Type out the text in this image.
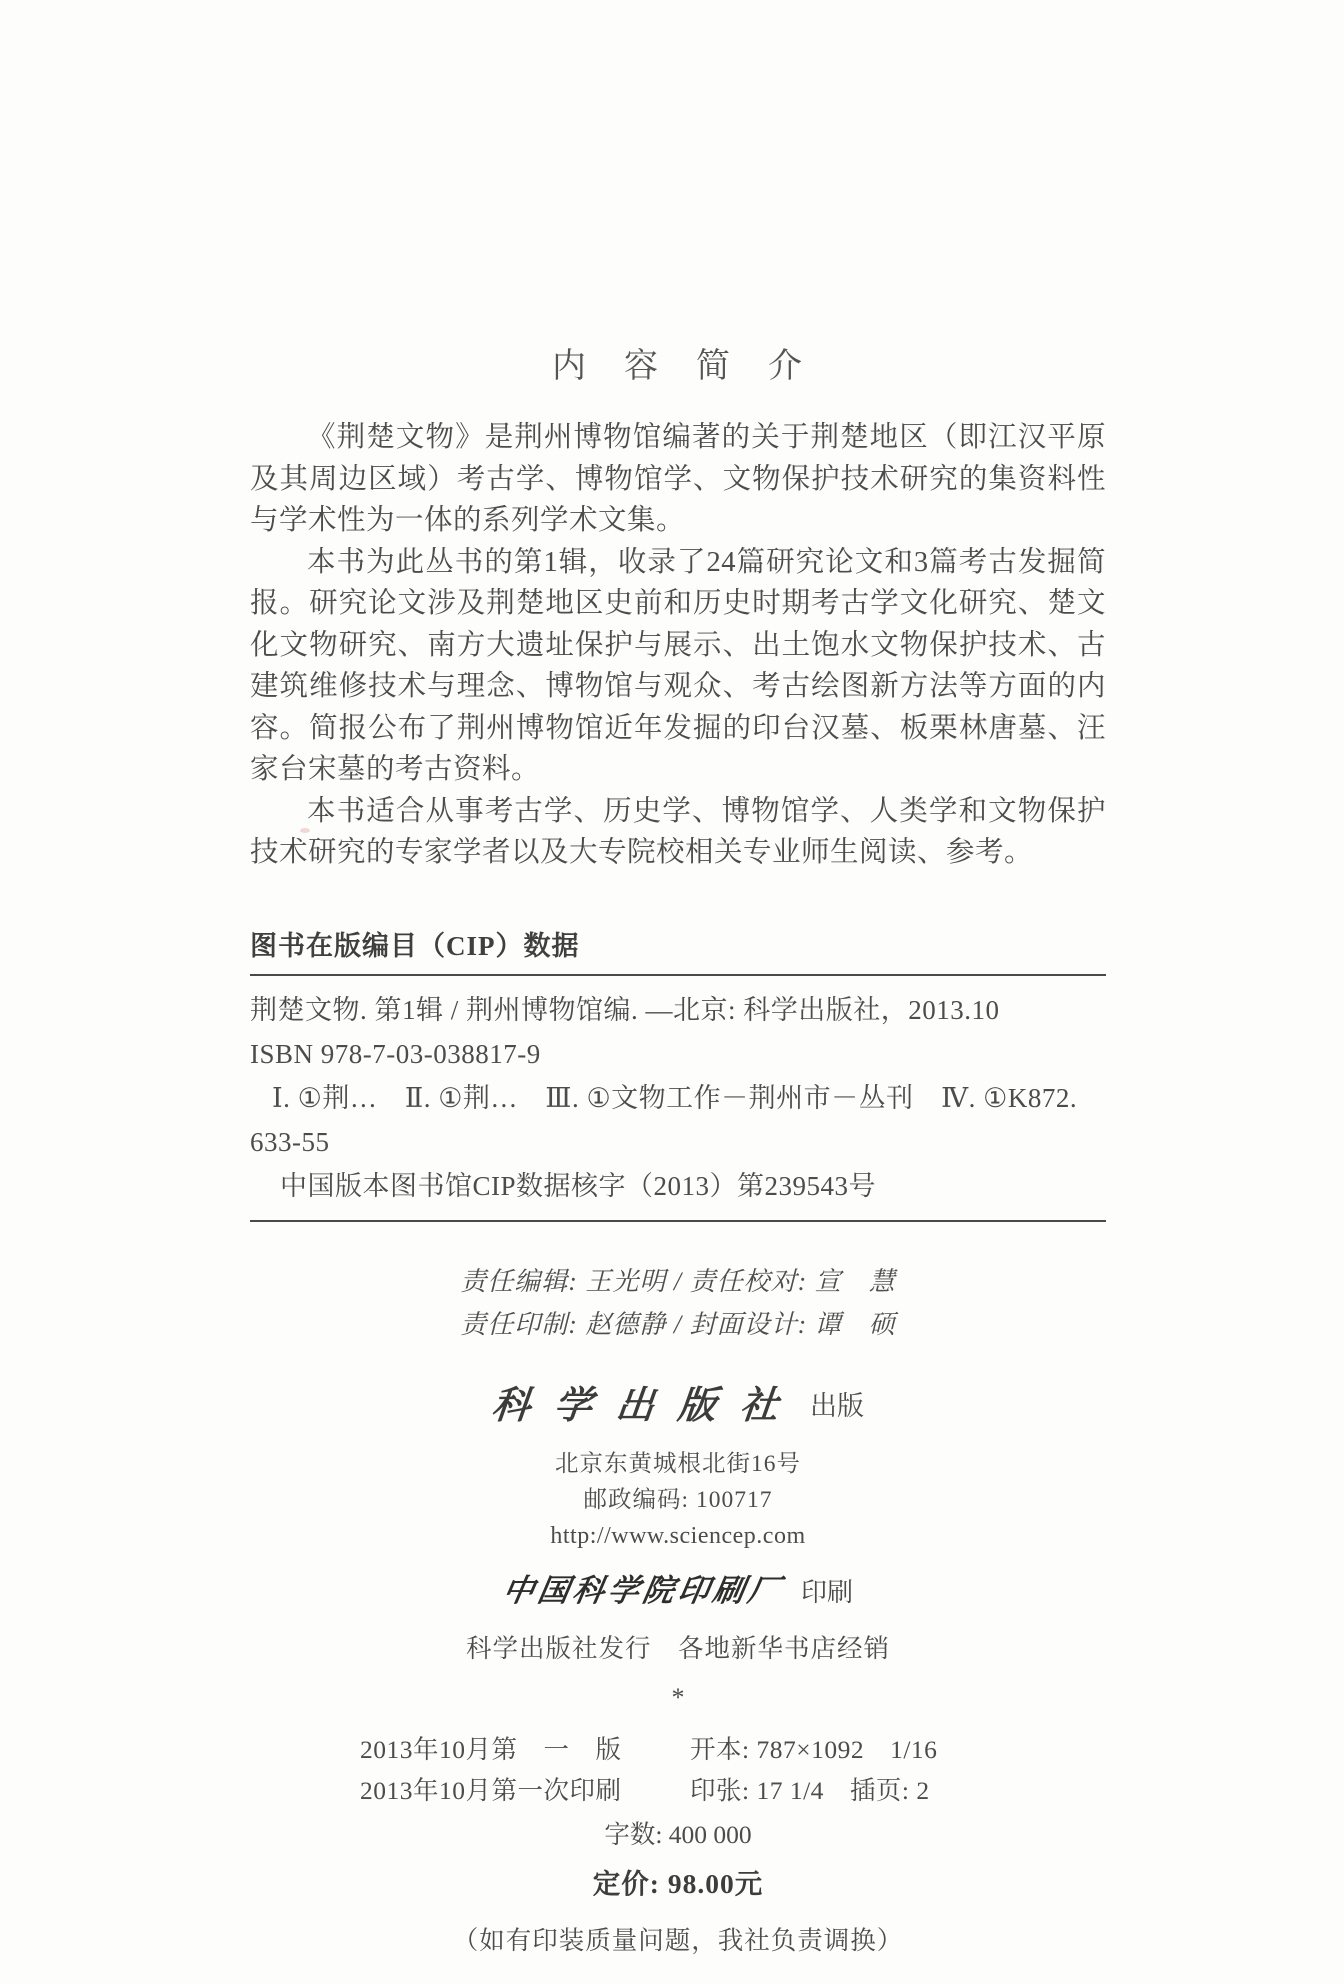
内　容　简　介

《荆楚文物》是荆州博物馆编著的关于荆楚地区（即江汉平原及其周边区域）考古学、博物馆学、文物保护技术研究的集资料性与学术性为一体的系列学术文集。

本书为此丛书的第1辑，收录了24篇研究论文和3篇考古发掘简报。研究论文涉及荆楚地区史前和历史时期考古学文化研究、楚文化文物研究、南方大遗址保护与展示、出土饱水文物保护技术、古建筑维修技术与理念、博物馆与观众、考古绘图新方法等方面的内容。简报公布了荆州博物馆近年发掘的印台汉墓、板栗林唐墓、汪家台宋墓的考古资料。

本书适合从事考古学、历史学、博物馆学、人类学和文物保护技术研究的专家学者以及大专院校相关专业师生阅读、参考。

图书在版编目（CIP）数据
荆楚文物. 第1辑 / 荆州博物馆编. —北京: 科学出版社，2013.10
ISBN 978-7-03-038817-9
Ⅰ. ①荆…　Ⅱ. ①荆…　Ⅲ. ①文物工作－荆州市－丛刊　Ⅳ. ①K872.
633-55
中国版本图书馆CIP数据核字（2013）第239543号
责任编辑: 王光明 / 责任校对: 宣　慧
责任印制: 赵德静 / 封面设计: 谭　硕
科学出版社 出版
北京东黄城根北街16号
邮政编码: 100717
http://www.sciencep.com
中国科学院印刷厂 印刷
科学出版社发行　各地新华书店经销
*
2013年10月第　一　版	开本: 787×1092　1/16
2013年10月第一次印刷	印张: 17 1/4　插页: 2
字数: 400 000
定价: 98.00元
（如有印装质量问题，我社负责调换）
